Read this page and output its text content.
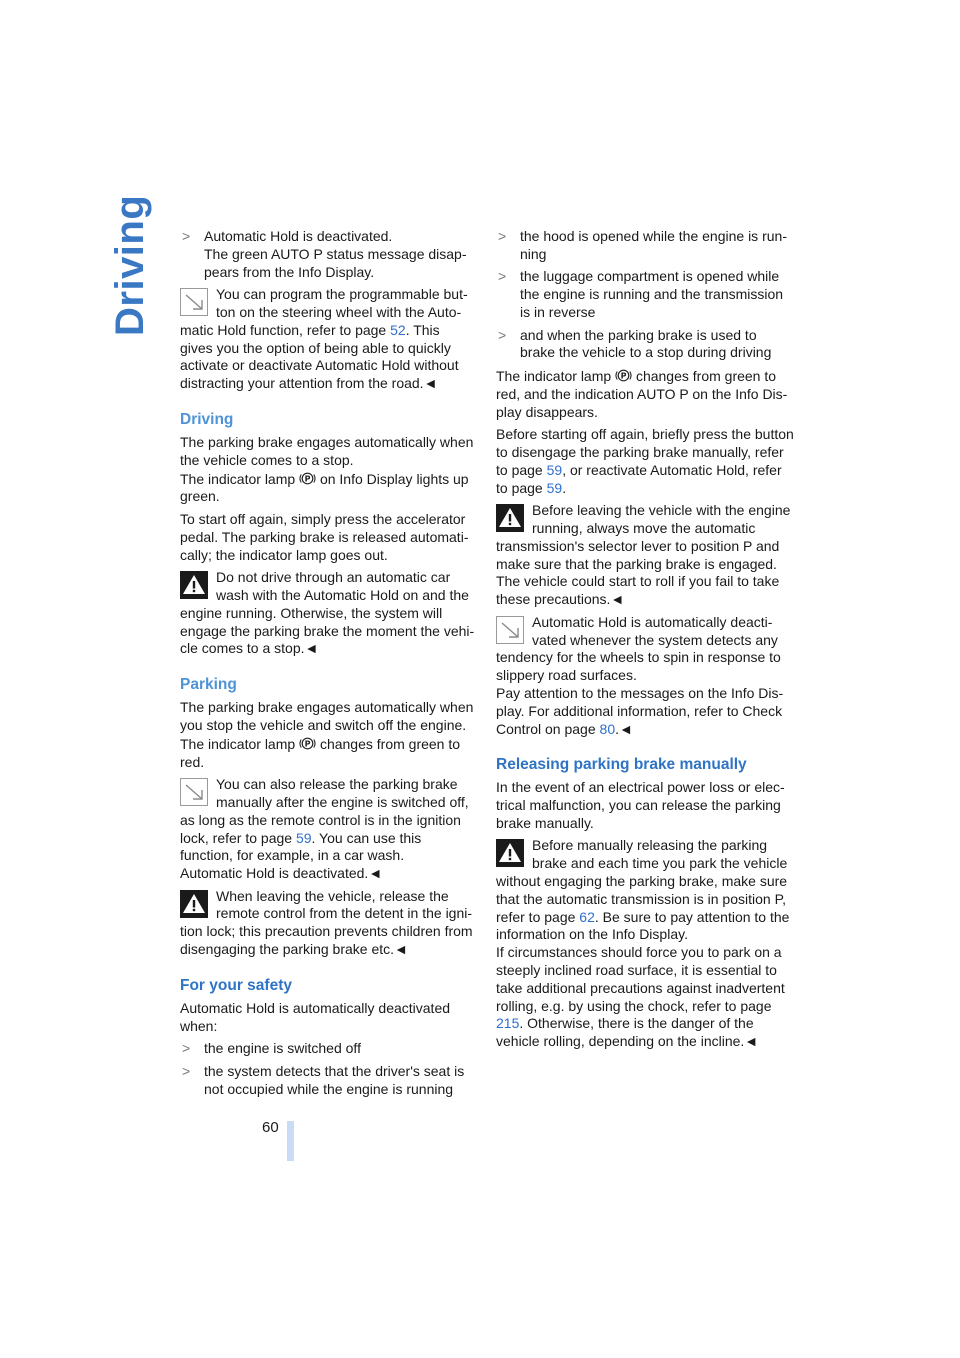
Driving > Automatic Hold is deactivated.

The green AUTO P status message disappears from the Info Display.

You can program the programmable button on the steering wheel with the Automatic Hold function, refer to page 52. This gives you the option of being able to quickly activate or deactivate Automatic Hold without distracting your attention from the road.◄

Driving

The parking brake engages automatically when the vehicle comes to a stop.

The indicator lamp P on Info Display lights up green.

To start off again, simply press the accelerator pedal. The parking brake is released automatically; the indicator lamp goes out.

Do not drive through an automatic car wash with the Automatic Hold on and the engine running. Otherwise, the system will engage the parking brake the moment the vehicle comes to a stop.◄

Parking

The parking brake engages automatically when you stop the vehicle and switch off the engine.

The indicator lamp P changes from green to red.

You can also release the parking brake manually after the engine is switched off, as long as the remote control is in the ignition lock, refer to page 59. You can use this function, for example, in a car wash.

Automatic Hold is deactivated.◄

When leaving the vehicle, release the remote control from the detent in the ignition lock; this precaution prevents children from disengaging the parking brake etc.◄

For your safety

Automatic Hold is automatically deactivated when:

> the engine is switched off

> the system detects that the driver's seat is not occupied while the engine is running

> the hood is opened while the engine is running

> the luggage compartment is opened while the engine is running and the transmission is in reverse

> and when the parking brake is used to brake the vehicle to a stop during driving

The indicator lamp P changes from green to red, and the indication AUTO P on the Info Display disappears.

Before starting off again, briefly press the button to disengage the parking brake manually, refer to page 59, or reactivate Automatic Hold, refer to page 59.

Before leaving the vehicle with the engine running, always move the automatic transmission's selector lever to position P and make sure that the parking brake is engaged. The vehicle could start to roll if you fail to take these precautions.◄

Automatic Hold is automatically deactivated whenever the system detects any tendency for the wheels to spin in response to slippery road surfaces.

Pay attention to the messages on the Info Display. For additional information, refer to Check Control on page 80.◄

Releasing parking brake manually

In the event of an electrical power loss or electrical malfunction, you can release the parking brake manually.

Before manually releasing the parking brake and each time you park the vehicle without engaging the parking brake, make sure that the automatic transmission is in position P, refer to page 62. Be sure to pay attention to the information on the Info Display.

If circumstances should force you to park on a steeply inclined road surface, it is essential to take additional precautions against inadvertent rolling, e.g. by using the chock, refer to page 215. Otherwise, there is the danger of the vehicle rolling, depending on the incline.◄

60
